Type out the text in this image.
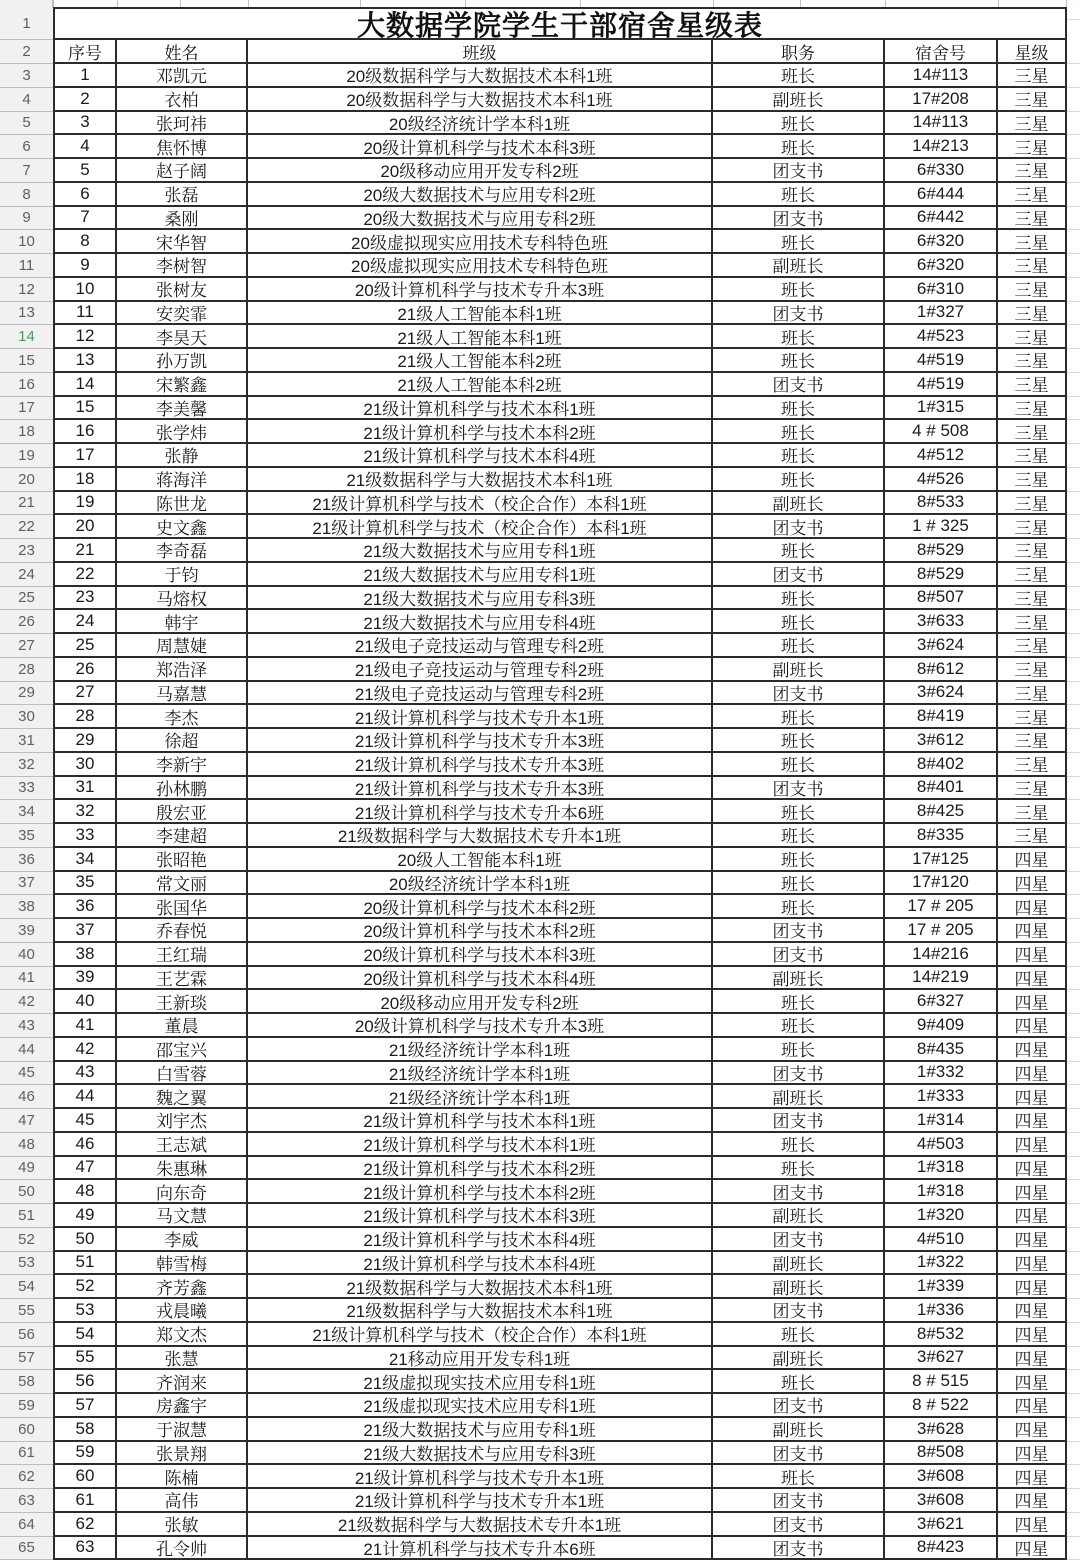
1	大数据学院学生干部宿舍星级表
2	序号	姓名	班级	职务	宿舍号	星级
3	1	邓凯元	20级数据科学与大数据技术本科1班	班长	14#113	三星
4	2	衣柏	20级数据科学与大数据技术本科1班	副班长	17#208	三星
5	3	张珂祎	20级经济统计学本科1班	班长	14#113	三星
6	4	焦怀博	20级计算机科学与技术本科3班	班长	14#213	三星
7	5	赵子阔	20级移动应用开发专科2班	团支书	6#330	三星
8	6	张磊	20级大数据技术与应用专科2班	班长	6#444	三星
9	7	桑刚	20级大数据技术与应用专科2班	团支书	6#442	三星
10	8	宋华智	20级虚拟现实应用技术专科特色班	班长	6#320	三星
11	9	李树智	20级虚拟现实应用技术专科特色班	副班长	6#320	三星
12	10	张树友	20级计算机科学与技术专升本3班	班长	6#310	三星
13	11	安奕霏	21级人工智能本科1班	团支书	1#327	三星
14	12	李昊天	21级人工智能本科1班	班长	4#523	三星
15	13	孙万凯	21级人工智能本科2班	班长	4#519	三星
16	14	宋繁鑫	21级人工智能本科2班	团支书	4#519	三星
17	15	李美馨	21级计算机科学与技术本科1班	班长	1#315	三星
18	16	张学炜	21级计算机科学与技术本科2班	班长	4 # 508	三星
19	17	张静	21级计算机科学与技术本科4班	班长	4#512	三星
20	18	蒋海洋	21级数据科学与大数据技术本科1班	班长	4#526	三星
21	19	陈世龙	21级计算机科学与技术（校企合作）本科1班	副班长	8#533	三星
22	20	史文鑫	21级计算机科学与技术（校企合作）本科1班	团支书	1 # 325	三星
23	21	李奇磊	21级大数据技术与应用专科1班	班长	8#529	三星
24	22	于钧	21级大数据技术与应用专科1班	团支书	8#529	三星
25	23	马熔权	21级大数据技术与应用专科3班	班长	8#507	三星
26	24	韩宇	21级大数据技术与应用专科4班	班长	3#633	三星
27	25	周慧婕	21级电子竞技运动与管理专科2班	班长	3#624	三星
28	26	郑浩泽	21级电子竞技运动与管理专科2班	副班长	8#612	三星
29	27	马嘉慧	21级电子竞技运动与管理专科2班	团支书	3#624	三星
30	28	李杰	21级计算机科学与技术专升本1班	班长	8#419	三星
31	29	徐超	21级计算机科学与技术专升本3班	班长	3#612	三星
32	30	李新宇	21级计算机科学与技术专升本3班	班长	8#402	三星
33	31	孙林鹏	21级计算机科学与技术专升本3班	团支书	8#401	三星
34	32	殷宏亚	21级计算机科学与技术专升本6班	班长	8#425	三星
35	33	李建超	21级数据科学与大数据技术专升本1班	班长	8#335	三星
36	34	张昭艳	20级人工智能本科1班	班长	17#125	四星
37	35	常文丽	20级经济统计学本科1班	班长	17#120	四星
38	36	张国华	20级计算机科学与技术本科2班	班长	17 # 205	四星
39	37	乔春悦	20级计算机科学与技术本科2班	团支书	17 # 205	四星
40	38	王红瑞	20级计算机科学与技术本科3班	团支书	14#216	四星
41	39	王艺霖	20级计算机科学与技术本科4班	副班长	14#219	四星
42	40	王新琰	20级移动应用开发专科2班	班长	6#327	四星
43	41	董晨	20级计算机科学与技术专升本3班	班长	9#409	四星
44	42	邵宝兴	21级经济统计学本科1班	班长	8#435	四星
45	43	白雪蓉	21级经济统计学本科1班	团支书	1#332	四星
46	44	魏之翼	21级经济统计学本科1班	副班长	1#333	四星
47	45	刘宇杰	21级计算机科学与技术本科1班	团支书	1#314	四星
48	46	王志斌	21级计算机科学与技术本科1班	班长	4#503	四星
49	47	朱惠琳	21级计算机科学与技术本科2班	班长	1#318	四星
50	48	向东奇	21级计算机科学与技术本科2班	团支书	1#318	四星
51	49	马文慧	21级计算机科学与技术本科3班	副班长	1#320	四星
52	50	李威	21级计算机科学与技术本科4班	团支书	4#510	四星
53	51	韩雪梅	21级计算机科学与技术本科4班	副班长	1#322	四星
54	52	齐芳鑫	21级数据科学与大数据技术本科1班	副班长	1#339	四星
55	53	戎晨曦	21级数据科学与大数据技术本科1班	团支书	1#336	四星
56	54	郑文杰	21级计算机科学与技术（校企合作）本科1班	班长	8#532	四星
57	55	张慧	21移动应用开发专科1班	副班长	3#627	四星
58	56	齐润来	21级虚拟现实技术应用专科1班	班长	8 # 515	四星
59	57	房鑫宇	21级虚拟现实技术应用专科1班	团支书	8 # 522	四星
60	58	于淑慧	21级大数据技术与应用专科1班	副班长	3#628	四星
61	59	张景翔	21级大数据技术与应用专科3班	团支书	8#508	四星
62	60	陈楠	21级计算机科学与技术专升本1班	班长	3#608	四星
63	61	高伟	21级计算机科学与技术专升本1班	团支书	3#608	四星
64	62	张敏	21级数据科学与大数据技术专升本1班	团支书	3#621	四星
65	63	孔令帅	21计算机科学与技术专升本6班	团支书	8#423	四星
